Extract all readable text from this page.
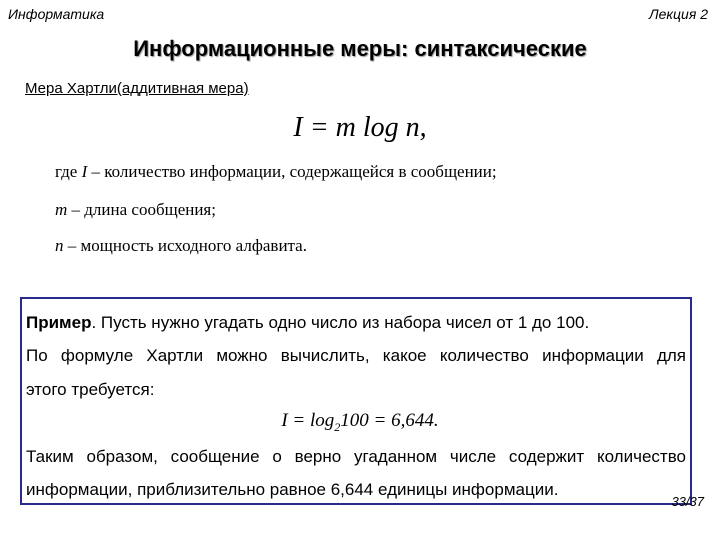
Информатика	Лекция 2
Информационные меры: синтаксические
Мера Хартли(аддитивная мера)
I = m log n,
где I – количество информации, содержащейся в сообщении;
m – длина сообщения;
n – мощность исходного алфавита.
Пример. Пусть нужно угадать одно число из набора чисел от 1 до 100.
По формуле Хартли можно вычислить, какое количество информации для
этого требуется:
$I = \log_2100 = 6,644$.
Таким образом, сообщение о верно угаданном числе содержит количество
информации, приблизительно равное 6,644 единицы информации.
33/37
